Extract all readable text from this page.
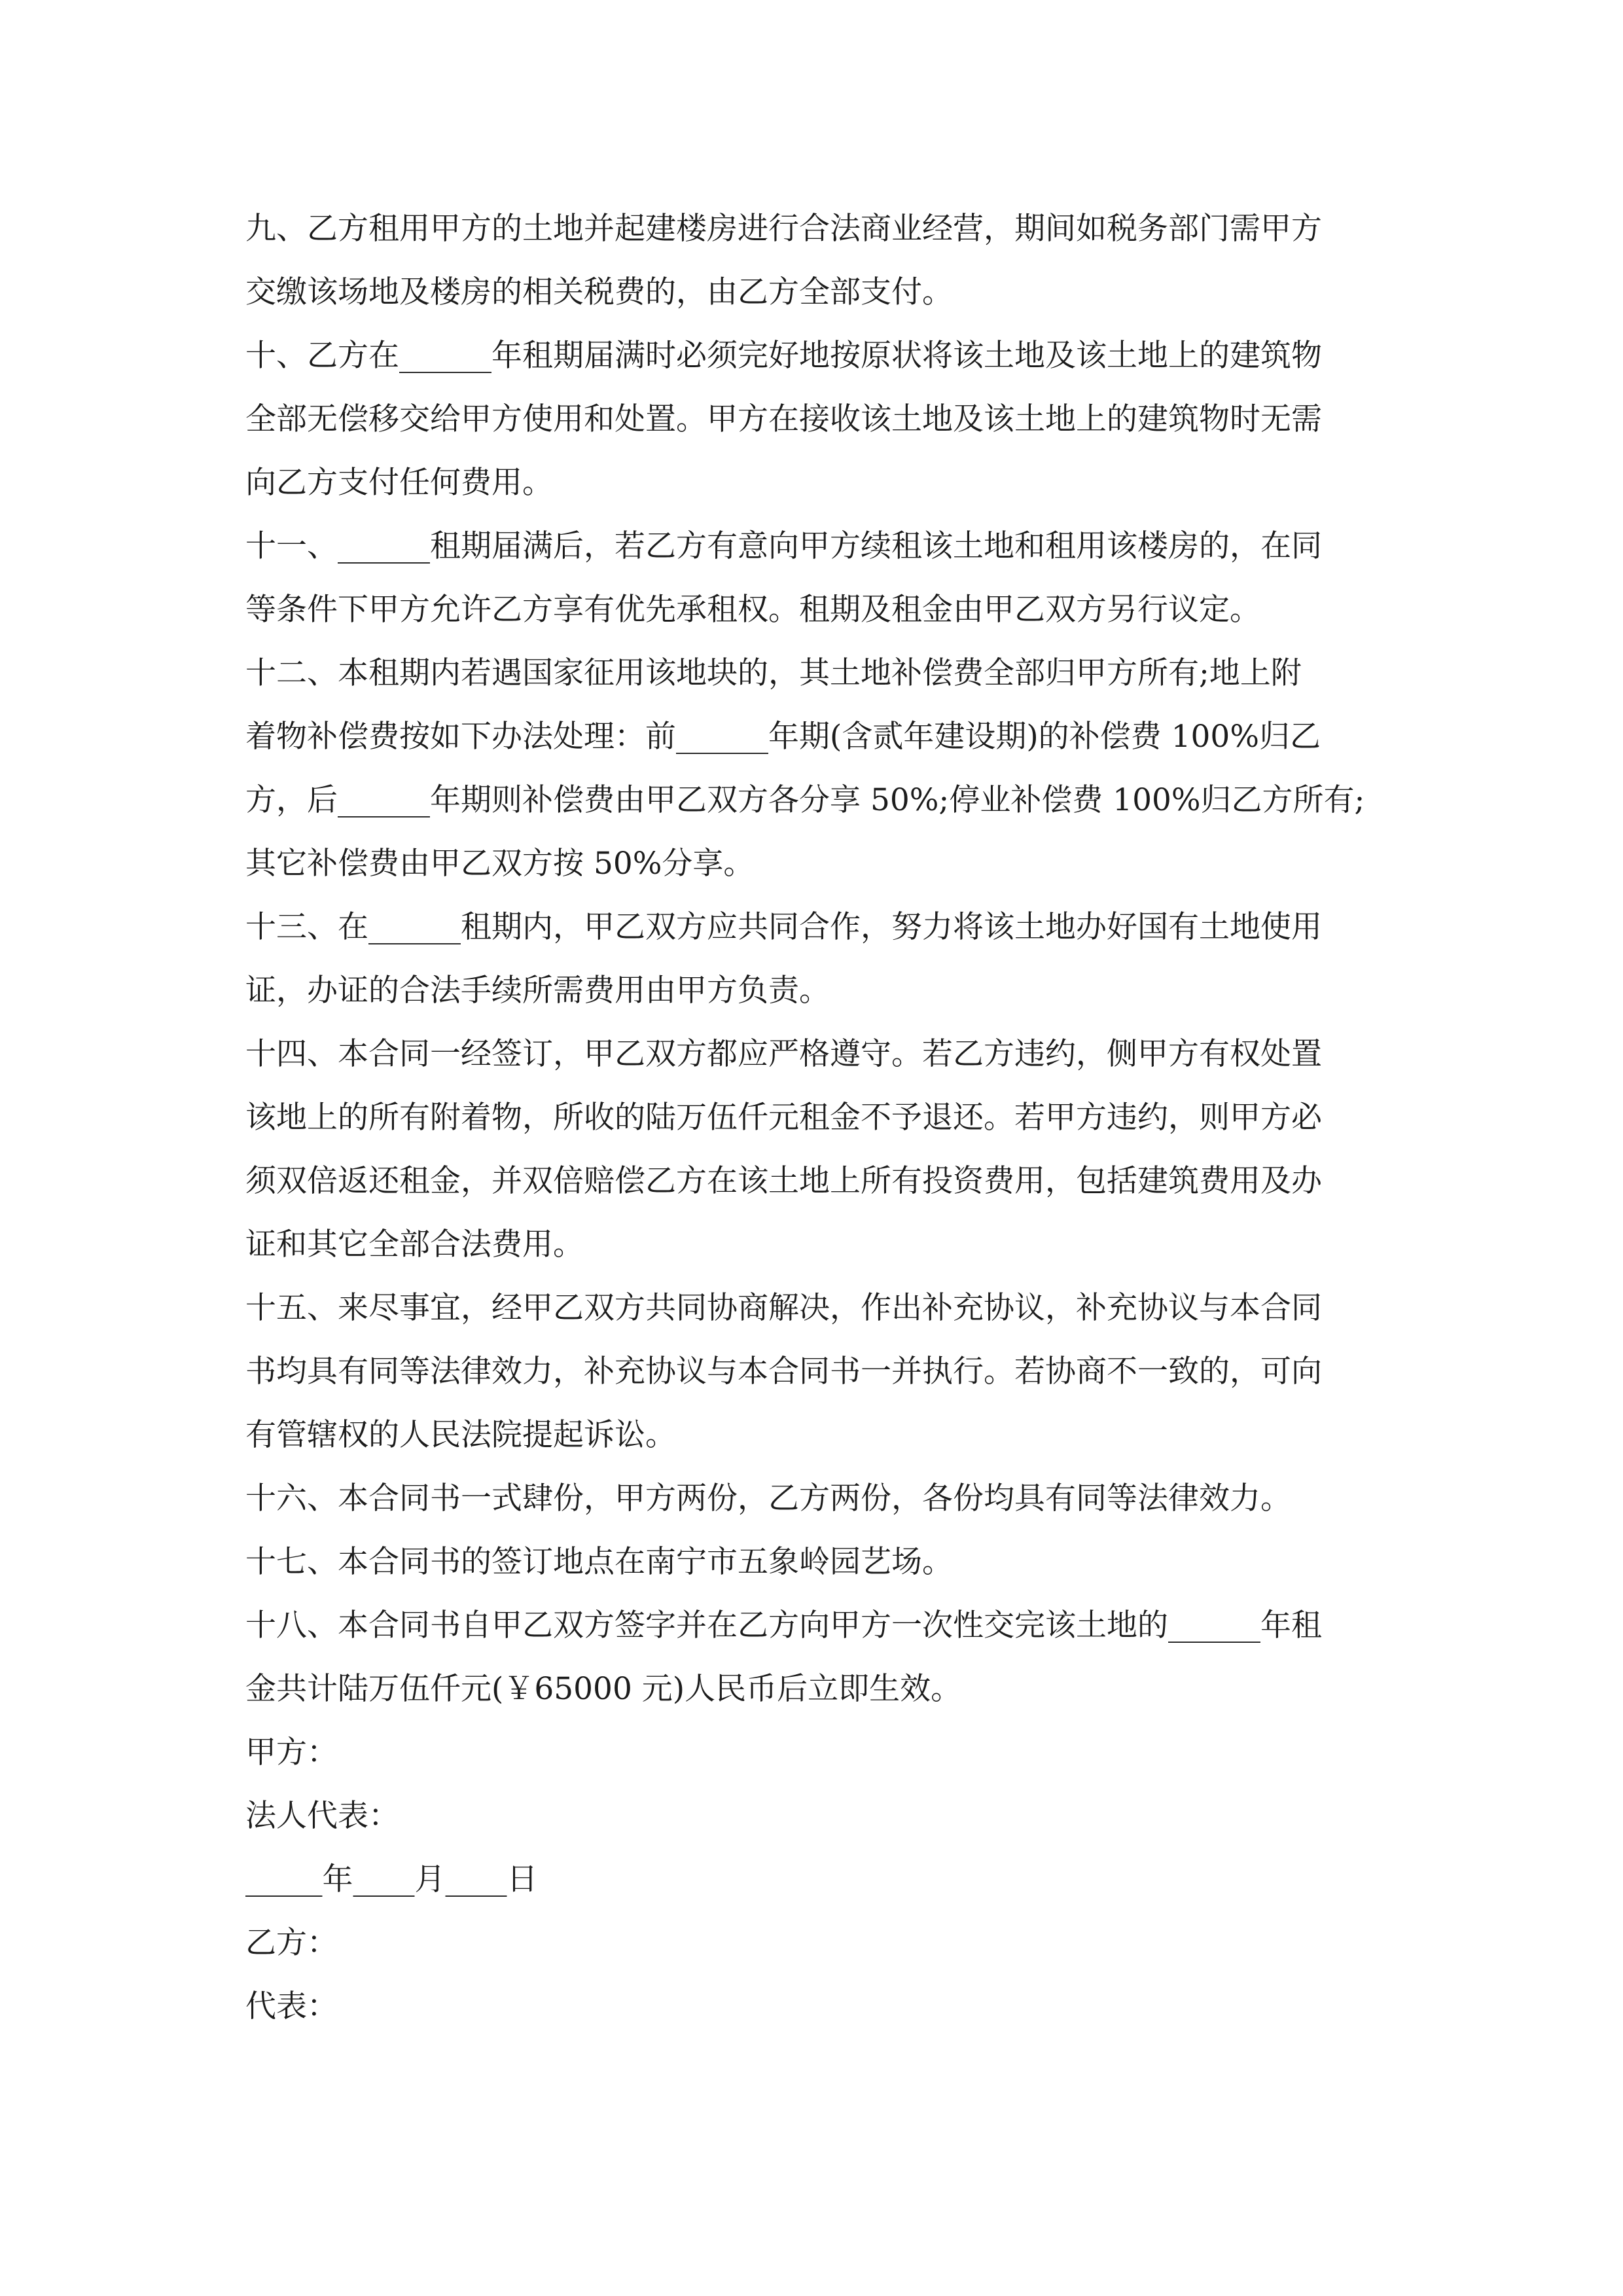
九、乙方租用甲方的土地并起建楼房进行合法商业经营，期间如税务部门需甲方
交缴该场地及楼房的相关税费的，由乙方全部支付。
十、乙方在______年租期届满时必须完好地按原状将该土地及该土地上的建筑物
全部无偿移交给甲方使用和处置。甲方在接收该土地及该土地上的建筑物时无需
向乙方支付任何费用。
十一、______租期届满后，若乙方有意向甲方续租该土地和租用该楼房的，在同
等条件下甲方允许乙方享有优先承租权。租期及租金由甲乙双方另行议定。
十二、本租期内若遇国家征用该地块的，其土地补偿费全部归甲方所有;地上附
着物补偿费按如下办法处理：前______年期(含贰年建设期)的补偿费 100%归乙
方，后______年期则补偿费由甲乙双方各分享 50%;停业补偿费 100%归乙方所有;
其它补偿费由甲乙双方按 50%分享。
十三、在______租期内，甲乙双方应共同合作，努力将该土地办好国有土地使用
证，办证的合法手续所需费用由甲方负责。
十四、本合同一经签订，甲乙双方都应严格遵守。若乙方违约，侧甲方有权处置
该地上的所有附着物，所收的陆万伍仟元租金不予退还。若甲方违约，则甲方必
须双倍返还租金，并双倍赔偿乙方在该土地上所有投资费用，包括建筑费用及办
证和其它全部合法费用。
十五、来尽事宜，经甲乙双方共同协商解决，作出补充协议，补充协议与本合同
书均具有同等法律效力，补充协议与本合同书一并执行。若协商不一致的，可向
有管辖权的人民法院提起诉讼。
十六、本合同书一式肆份，甲方两份，乙方两份，各份均具有同等法律效力。
十七、本合同书的签订地点在南宁市五象岭园艺场。
十八、本合同书自甲乙双方签字并在乙方向甲方一次性交完该土地的______年租
金共计陆万伍仟元(￥65000 元)人民币后立即生效。
甲方：
法人代表：
_____年____月____日
乙方：
代表：
